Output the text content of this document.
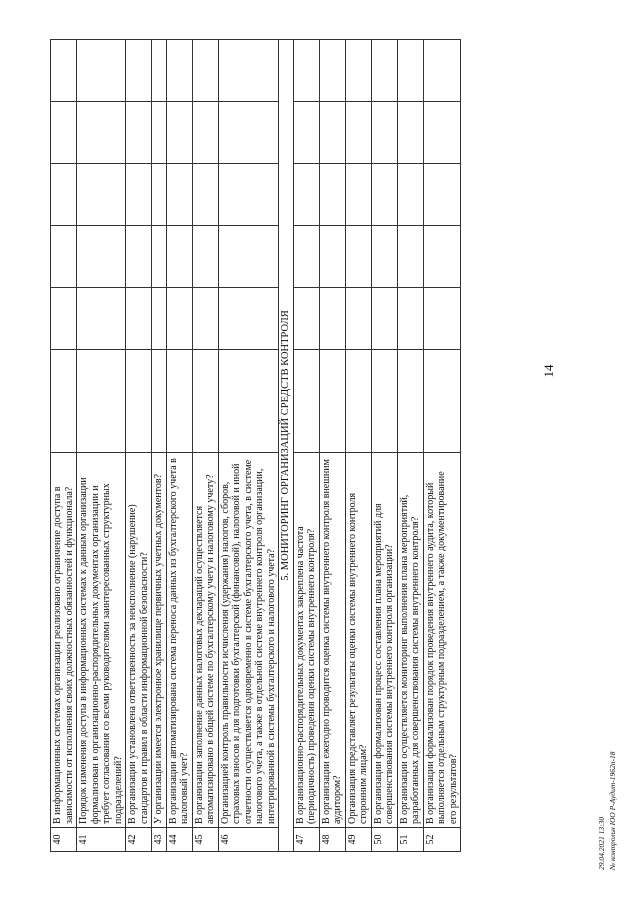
14
40	В информационных системах организации реализовано ограничение доступа в зависимости от исполнения своих должностных обязанностей и функционала?						
41	Порядок изменения доступа в информационных системах к данным организации формализован в организационно-распорядительных документах организации и требует согласования со всеми руководителями заинтересованных структурных подразделений?						
42	В организации установлена ответственность за неисполнение (нарушение) стандартов и правил в области информационной безопасности?						
43	У организации имеется электронное хранилище первичных учетных документов?						
44	В организации автоматизирована система переноса данных из бухгалтерского учета в налоговый учет?						
45	В организации заполнение данных налоговых деклараций осуществляется автоматизировано в общей системе по бухгалтерскому учету и налоговому учету?						
46	Организацией контроль правильности исчисления (удержания) налогов, сборов, страховых взносов и для подготовки бухгалтерской (финансовой), налоговой и иной отчетности осуществляется одновременно в системе бухгалтерского учета, в системе налогового учета, а также в отдельной системе внутреннего контроля организации, интегрированной в системы бухгалтерского и налогового учета?						
5. МОНИТОРИНГ ОРГАНИЗАЦИЙ СРЕДСТВ КОНТРОЛЯ							
47	В организационно-распорядительных документах закреплена частота (периодичность) проведения оценки системы внутреннего контроля?						
48	В организации ежегодно проводится оценка системы внутреннего контроля внешним аудитором?						
49	Организация представляет результаты оценки системы внутреннего контроля сторонним лицам?						
50	В организации формализован процесс составления плана мероприятий для совершенствования системы внутреннего контроля организации?						
51	В организации осуществляется мониторинг выполнения плана мероприятий, разработанных для совершенствования системы внутреннего контроля?						
52	В организации формализован порядок проведения внутреннего аудита, который выполняется отдельным структурным подразделением, а также документирование его результатов?						
29.04.2021 13:30 № контрольн ЮО Р-Аудит-1962п-18
